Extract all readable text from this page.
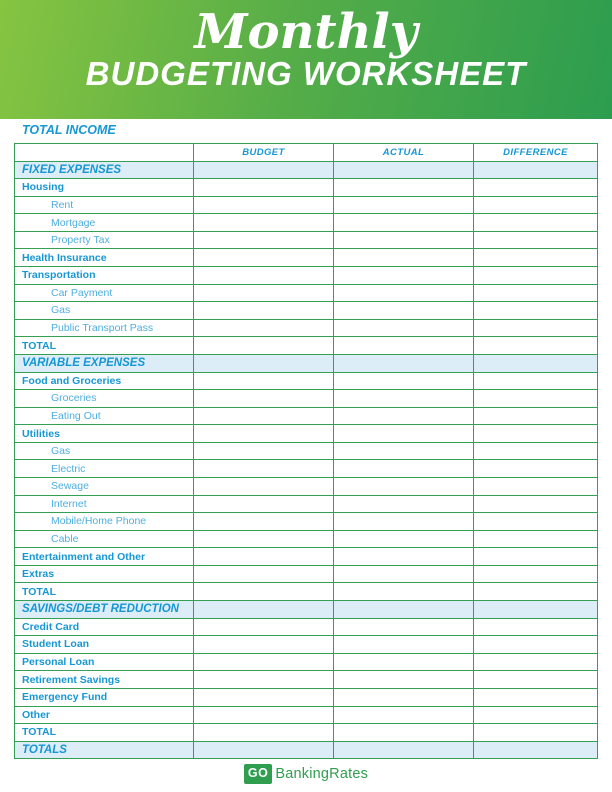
Monthly
BUDGETING WORKSHEET
TOTAL INCOME
BUDGET	ACTUAL	DIFFERENCE
FIXED EXPENSES
Housing
Rent
Mortgage
Property Tax
Health Insurance
Transportation
Car Payment
Gas
Public Transport Pass
TOTAL
VARIABLE EXPENSES
Food and Groceries
Groceries
Eating Out
Utilities
Gas
Electric
Sewage
Internet
Mobile/Home Phone
Cable
Entertainment and Other
Extras
TOTAL
SAVINGS/DEBT REDUCTION
Credit Card
Student Loan
Personal Loan
Retirement Savings
Emergency Fund
Other
TOTAL
TOTALS
GO BankingRates
